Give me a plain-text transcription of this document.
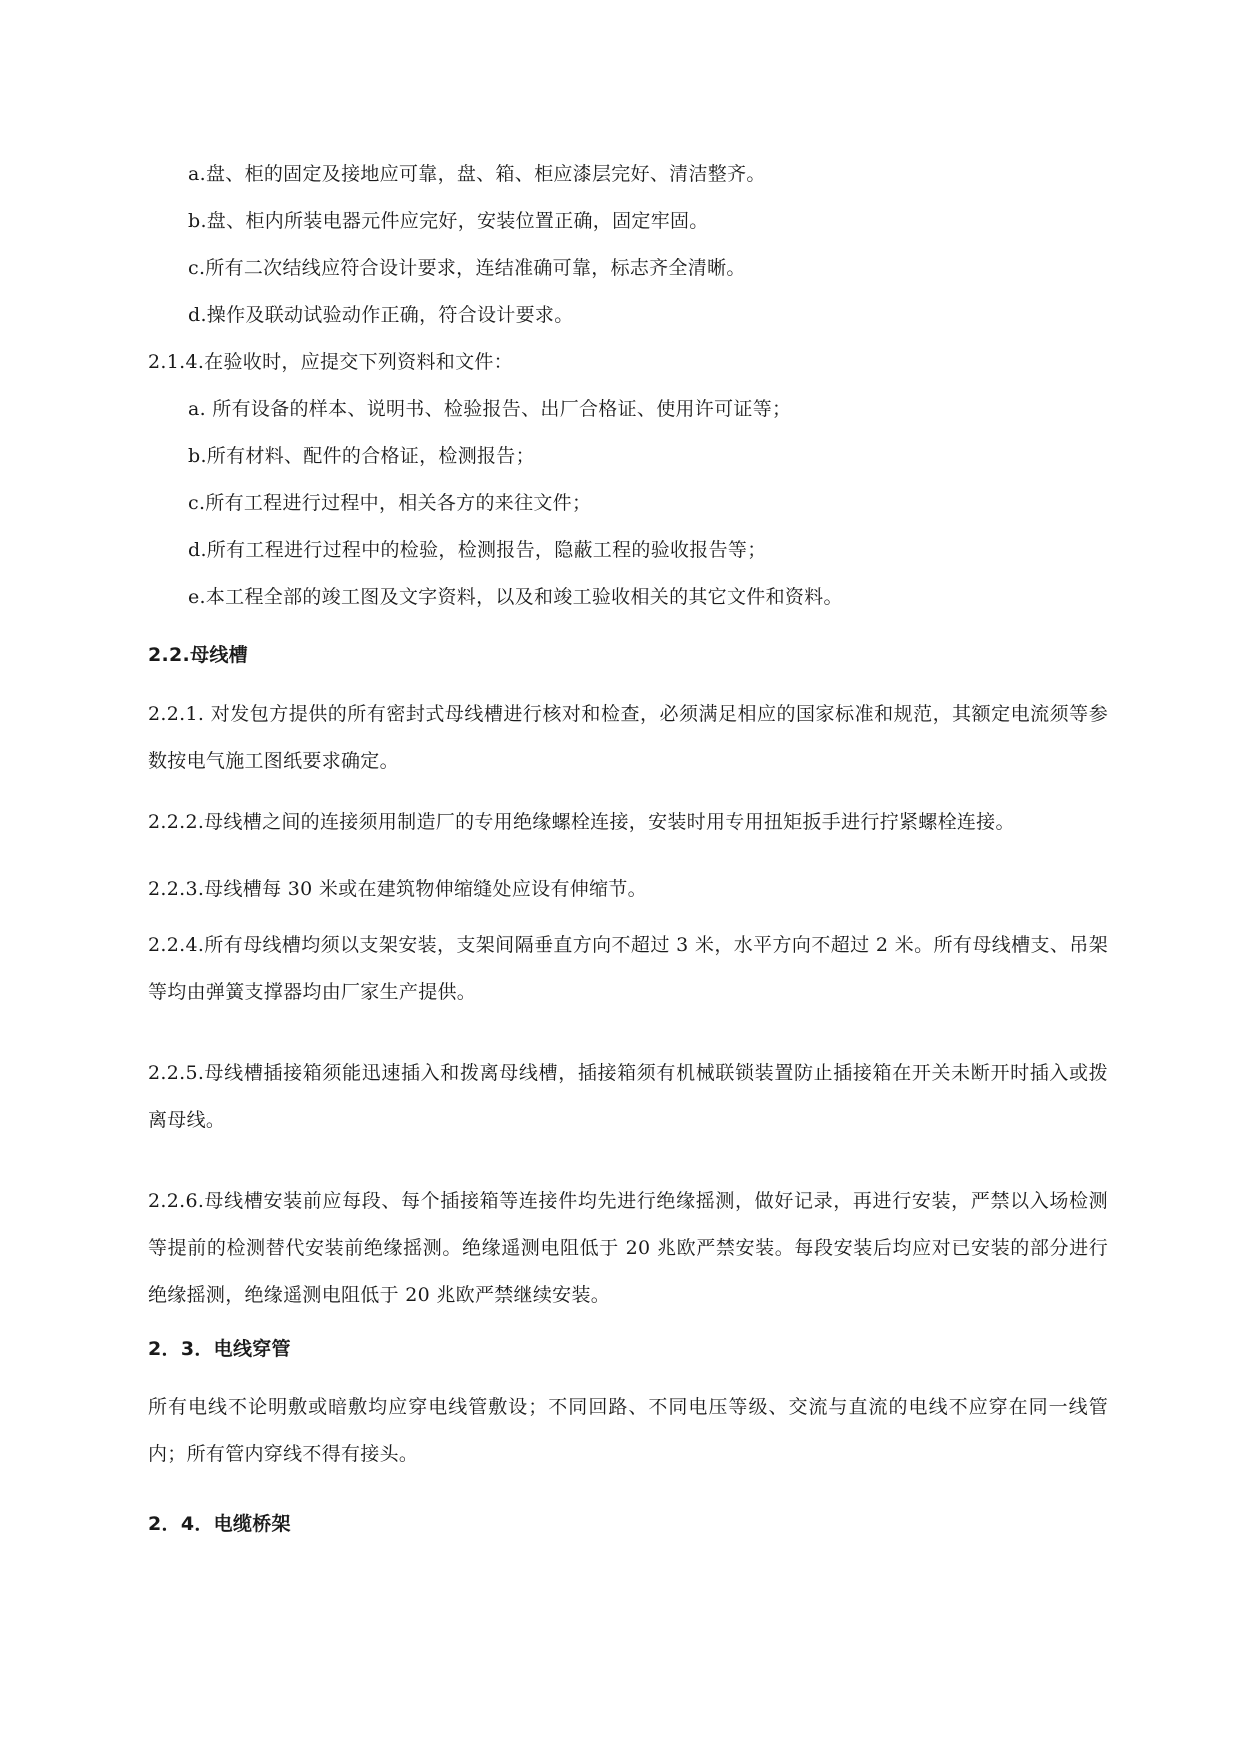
a.盘、柜的固定及接地应可靠，盘、箱、柜应漆层完好、清洁整齐。
b.盘、柜内所装电器元件应完好，安装位置正确，固定牢固。
c.所有二次结线应符合设计要求，连结准确可靠，标志齐全清晰。
d.操作及联动试验动作正确，符合设计要求。
2.1.4.在验收时，应提交下列资料和文件：
a. 所有设备的样本、说明书、检验报告、出厂合格证、使用许可证等；
b.所有材料、配件的合格证，检测报告；
c.所有工程进行过程中，相关各方的来往文件；
d.所有工程进行过程中的检验，检测报告，隐蔽工程的验收报告等；
e.本工程全部的竣工图及文字资料，以及和竣工验收相关的其它文件和资料。
2.2.母线槽
2.2.1. 对发包方提供的所有密封式母线槽进行核对和检查，必须满足相应的国家标准和规范，其额定电流须等参数按电气施工图纸要求确定。
2.2.2.母线槽之间的连接须用制造厂的专用绝缘螺栓连接，安装时用专用扭矩扳手进行拧紧螺栓连接。
2.2.3.母线槽每 30 米或在建筑物伸缩缝处应设有伸缩节。
2.2.4.所有母线槽均须以支架安装，支架间隔垂直方向不超过 3 米，水平方向不超过 2 米。所有母线槽支、吊架等均由弹簧支撑器均由厂家生产提供。
2.2.5.母线槽插接箱须能迅速插入和拨离母线槽，插接箱须有机械联锁装置防止插接箱在开关未断开时插入或拨离母线。
2.2.6.母线槽安装前应每段、每个插接箱等连接件均先进行绝缘摇测，做好记录，再进行安装，严禁以入场检测等提前的检测替代安装前绝缘摇测。绝缘遥测电阻低于 20 兆欧严禁安装。每段安装后均应对已安装的部分进行绝缘摇测，绝缘遥测电阻低于 20 兆欧严禁继续安装。
2．3．电线穿管
所有电线不论明敷或暗敷均应穿电线管敷设；不同回路、不同电压等级、交流与直流的电线不应穿在同一线管内；所有管内穿线不得有接头。
2．4．电缆桥架
